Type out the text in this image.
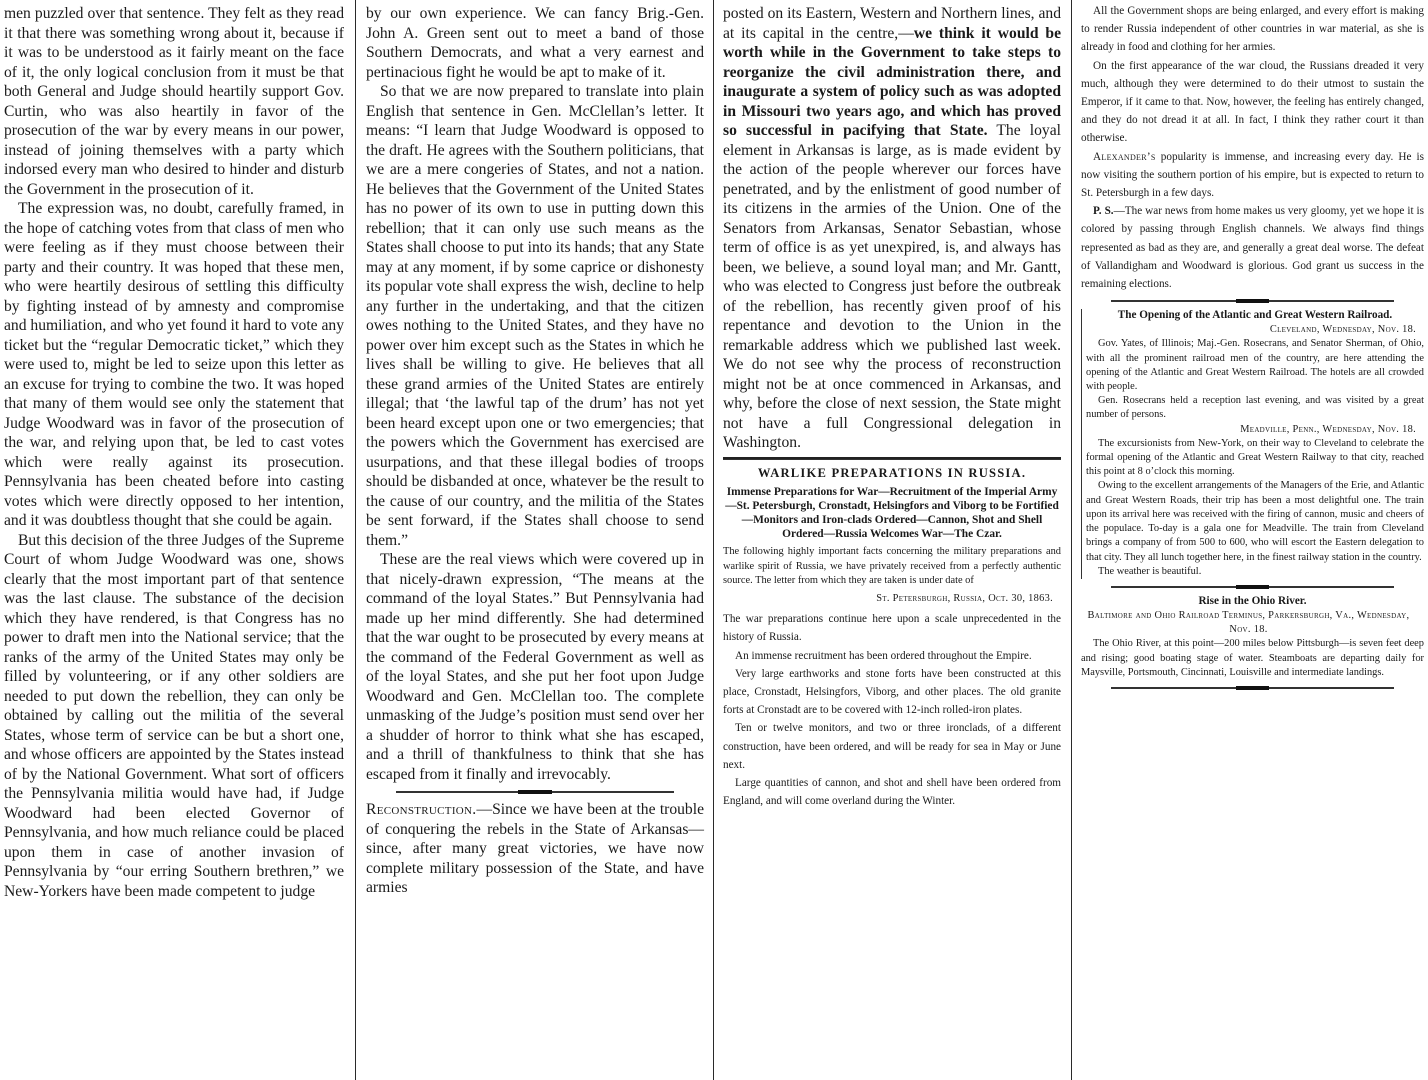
men puzzled over that sentence. They felt as they read it that there was something wrong about it, because if it was to be understood as it fairly meant on the face of it, the only logical conclusion from it must be that both General and Judge should heartily support Gov. Curtin, who was also heartily in favor of the prosecution of the war by every means in our power, instead of joining themselves with a party which indorsed every man who desired to hinder and disturb the Government in the prosecution of it.

The expression was, no doubt, carefully framed, in the hope of catching votes from that class of men who were feeling as if they must choose between their party and their country. It was hoped that these men, who were heartily desirous of settling this difficulty by fighting instead of by amnesty and compromise and humiliation, and who yet found it hard to vote any ticket but the “regular Democratic ticket,” which they were used to, might be led to seize upon this letter as an excuse for trying to combine the two. It was hoped that many of them would see only the statement that Judge Woodward was in favor of the prosecution of the war, and relying upon that, be led to cast votes which were really against its prosecution. Pennsylvania has been cheated before into casting votes which were directly opposed to her intention, and it was doubtless thought that she could be again.

But this decision of the three Judges of the Supreme Court of whom Judge Woodward was one, shows clearly that the most important part of that sentence was the last clause. The substance of the decision which they have rendered, is that Congress has no power to draft men into the National service; that the ranks of the army of the United States may only be filled by volunteering, or if any other soldiers are needed to put down the rebellion, they can only be obtained by calling out the militia of the several States, whose term of service can be but a short one, and whose officers are appointed by the States instead of by the National Government. What sort of officers the Pennsylvania militia would have had, if Judge Woodward had been elected Governor of Pennsylvania, and how much reliance could be placed upon them in case of another invasion of Pennsylvania by “our erring Southern brethren,” we New-Yorkers have been made competent to judge

by our own experience. We can fancy Brig.-Gen. John A. Green sent out to meet a band of those Southern Democrats, and what a very earnest and pertinacious fight he would be apt to make of it.

So that we are now prepared to translate into plain English that sentence in Gen. McClellan’s letter. It means: “I learn that Judge Woodward is opposed to the draft. He agrees with the Southern politicians, that we are a mere congeries of States, and not a nation. He believes that the Government of the United States has no power of its own to use in putting down this rebellion; that it can only use such means as the States shall choose to put into its hands; that any State may at any moment, if by some caprice or dishonesty its popular vote shall express the wish, decline to help any further in the undertaking, and that the citizen owes nothing to the United States, and they have no power over him except such as the States in which he lives shall be willing to give. He believes that all these grand armies of the United States are entirely illegal; that ‘the lawful tap of the drum’ has not yet been heard except upon one or two emergencies; that the powers which the Government has exercised are usurpations, and that these illegal bodies of troops should be disbanded at once, whatever be the result to the cause of our country, and the militia of the States be sent forward, if the States shall choose to send them.”

These are the real views which were covered up in that nicely-drawn expression, “The means at the command of the loyal States.” But Pennsylvania had made up her mind differently. She had determined that the war ought to be prosecuted by every means at the command of the Federal Government as well as of the loyal States, and she put her foot upon Judge Woodward and Gen. McClellan too. The complete unmasking of the Judge’s position must send over her a shudder of horror to think what she has escaped, and a thrill of thankfulness to think that she has escaped from it finally and irrevocably.

Reconstruction.—Since we have been at the trouble of conquering the rebels in the State of Arkansas—since, after many great victories, we have now complete military possession of the State, and have armies

posted on its Eastern, Western and Northern lines, and at its capital in the centre,—we think it would be worth while in the Government to take steps to reorganize the civil administration there, and inaugurate a system of policy such as was adopted in Missouri two years ago, and which has proved so successful in pacifying that State. The loyal element in Arkansas is large, as is made evident by the action of the people wherever our forces have penetrated, and by the enlistment of good number of its citizens in the armies of the Union. One of the Senators from Arkansas, Senator Sebastian, whose term of office is as yet unexpired, is, and always has been, we believe, a sound loyal man; and Mr. Gantt, who was elected to Congress just before the outbreak of the rebellion, has recently given proof of his repentance and devotion to the Union in the remarkable address which we published last week. We do not see why the process of reconstruction might not be at once commenced in Arkansas, and why, before the close of next session, the State might not have a full Congressional delegation in Washington.

WARLIKE PREPARATIONS IN RUSSIA.
Immense Preparations for War—Recruitment of the Imperial Army—St. Petersburgh, Cronstadt, Helsingfors and Viborg to be Fortified—Monitors and Iron-clads Ordered—Cannon, Shot and Shell Ordered—Russia Welcomes War—The Czar.

The following highly important facts concerning the military preparations and warlike spirit of Russia, we have privately received from a perfectly authentic source. The letter from which they are taken is under date of

St. Petersburgh, Russia, Oct. 30, 1863.

The war preparations continue here upon a scale unprecedented in the history of Russia.

An immense recruitment has been ordered throughout the Empire.

Very large earthworks and stone forts have been constructed at this place, Cronstadt, Helsingfors, Viborg, and other places. The old granite forts at Cronstadt are to be covered with 12-inch rolled-iron plates.

Ten or twelve monitors, and two or three ironclads, of a different construction, have been ordered, and will be ready for sea in May or June next.

Large quantities of cannon, and shot and shell have been ordered from England, and will come overland during the Winter.

All the Government shops are being enlarged, and every effort is making to render Russia independent of other countries in war material, as she is already in food and clothing for her armies.

On the first appearance of the war cloud, the Russians dreaded it very much, although they were determined to do their utmost to sustain the Emperor, if it came to that. Now, however, the feeling has entirely changed, and they do not dread it at all. In fact, I think they rather court it than otherwise.

Alexander’s popularity is immense, and increasing every day. He is now visiting the southern portion of his empire, but is expected to return to St. Petersburgh in a few days.

P. S.—The war news from home makes us very gloomy, yet we hope it is colored by passing through English channels. We always find things represented as bad as they are, and generally a great deal worse. The defeat of Vallandigham and Woodward is glorious. God grant us success in the remaining elections.

The Opening of the Atlantic and Great Western Railroad.

Cleveland, Wednesday, Nov. 18.

Gov. Yates, of Illinois; Maj.-Gen. Rosecrans, and Senator Sherman, of Ohio, with all the prominent railroad men of the country, are here attending the opening of the Atlantic and Great Western Railroad. The hotels are all crowded with people.

Gen. Rosecrans held a reception last evening, and was visited by a great number of persons.

Meadville, Penn., Wednesday, Nov. 18.

The excursionists from New-York, on their way to Cleveland to celebrate the formal opening of the Atlantic and Great Western Railway to that city, reached this point at 8 o’clock this morning.

Owing to the excellent arrangements of the Managers of the Erie, and Atlantic and Great Western Roads, their trip has been a most delightful one. The train upon its arrival here was received with the firing of cannon, music and cheers of the populace. To-day is a gala one for Meadville. The train from Cleveland brings a company of from 500 to 600, who will escort the Eastern delegation to that city. They all lunch together here, in the finest railway station in the country.

The weather is beautiful.

Rise in the Ohio River.

Baltimore and Ohio Railroad Terminus, Parkersburgh, Va., Wednesday, Nov. 18.

The Ohio River, at this point—200 miles below Pittsburgh—is seven feet deep and rising; good boating stage of water. Steamboats are departing daily for Maysville, Portsmouth, Cincinnati, Louisville and intermediate landings.
